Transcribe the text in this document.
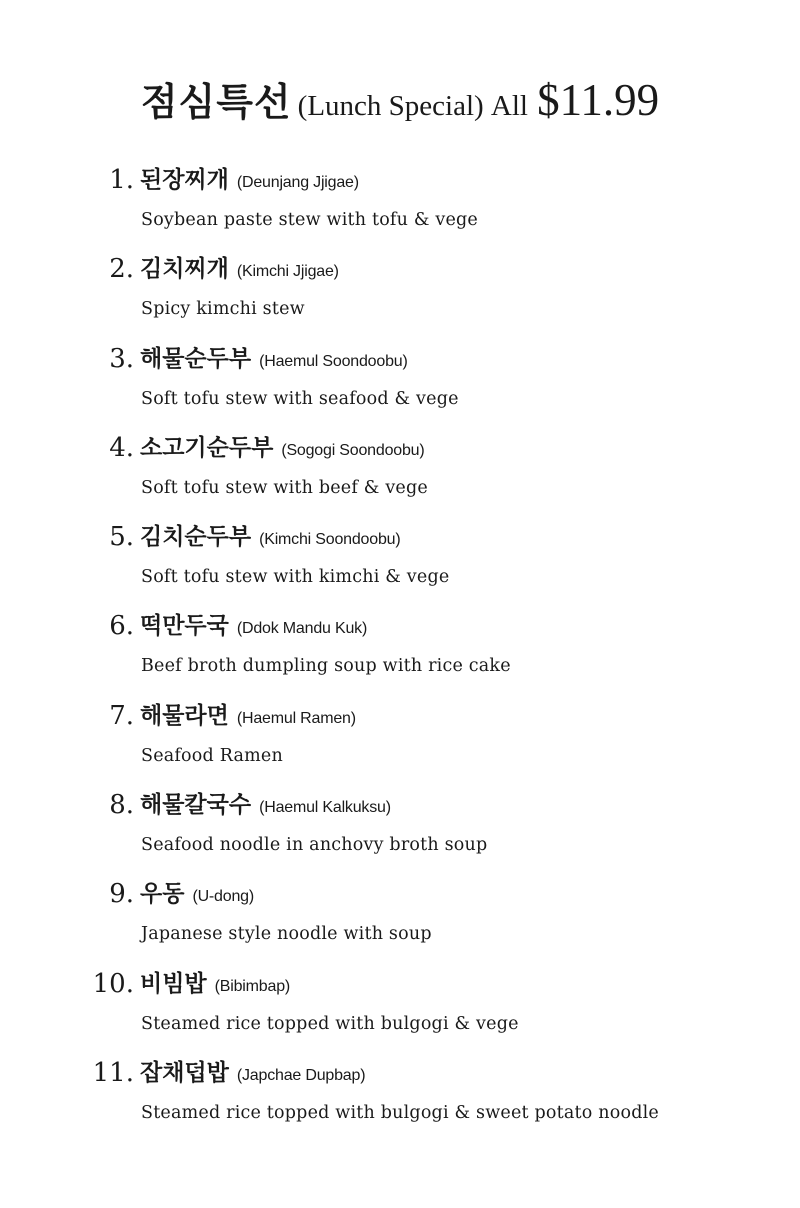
점심특선 (Lunch Special) All $11.99
1. 된장찌개 (Deunjang Jjigae)
Soybean paste stew with tofu & vege
2. 김치찌개 (Kimchi Jjigae)
Spicy kimchi stew
3. 해물순두부 (Haemul Soondoobu)
Soft tofu stew with seafood & vege
4. 소고기순두부 (Sogogi Soondoobu)
Soft tofu stew with beef & vege
5. 김치순두부 (Kimchi Soondoobu)
Soft tofu stew with kimchi & vege
6. 떡만두국 (Ddok Mandu Kuk)
Beef broth dumpling soup with rice cake
7. 해물라면 (Haemul Ramen)
Seafood Ramen
8. 해물칼국수 (Haemul Kalkuksu)
Seafood noodle in anchovy broth soup
9. 우동 (U-dong)
Japanese style noodle with soup
10. 비빔밥 (Bibimbap)
Steamed rice topped with bulgogi & vege
11. 잡채덥밥 (Japchae Dupbap)
Steamed rice topped with bulgogi & sweet potato noodle
